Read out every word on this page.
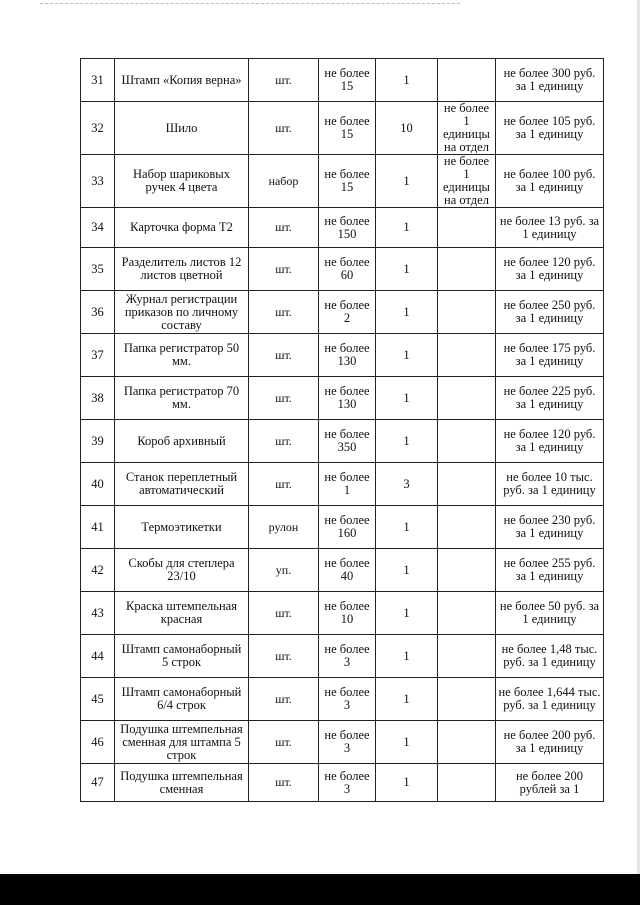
31	Штамп «Копия верна»	шт.	не более 15	1		не более 300 руб. за 1 единицу
32	Шило	шт.	не более 15	10	не более 1 единицы на отдел	не более 105 руб. за 1 единицу
33	Набор шариковых ручек 4 цвета	набор	не более 15	1	не более 1 единицы на отдел	не более 100 руб. за 1 единицу
34	Карточка форма Т2	шт.	не более 150	1		не более 13 руб. за 1 единицу
35	Разделитель листов 12 листов цветной	шт.	не более 60	1		не более 120 руб. за 1 единицу
36	Журнал регистрации приказов по личному составу	шт.	не более 2	1		не более 250 руб. за 1 единицу
37	Папка регистратор 50 мм.	шт.	не более 130	1		не более 175 руб. за 1 единицу
38	Папка регистратор 70 мм.	шт.	не более 130	1		не более 225 руб. за 1 единицу
39	Короб архивный	шт.	не более 350	1		не более 120 руб. за 1 единицу
40	Станок переплетный автоматический	шт.	не более 1	3		не более 10 тыс. руб. за 1 единицу
41	Термоэтикетки	рулон	не более 160	1		не более 230 руб. за 1 единицу
42	Скобы для степлера 23/10	уп.	не более 40	1		не более 255 руб. за 1 единицу
43	Краска штемпельная красная	шт.	не более 10	1		не более 50 руб. за 1 единицу
44	Штамп самонаборный 5 строк	шт.	не более 3	1		не более 1,48 тыс. руб. за 1 единицу
45	Штамп самонаборный 6/4 строк	шт.	не более 3	1		не более 1,644 тыс. руб. за 1 единицу
46	Подушка штемпельная сменная для штампа 5 строк	шт.	не более 3	1		не более 200 руб. за 1 единицу
47	Подушка штемпельная сменная	шт.	не более 3	1		не более 200 рублей за 1
